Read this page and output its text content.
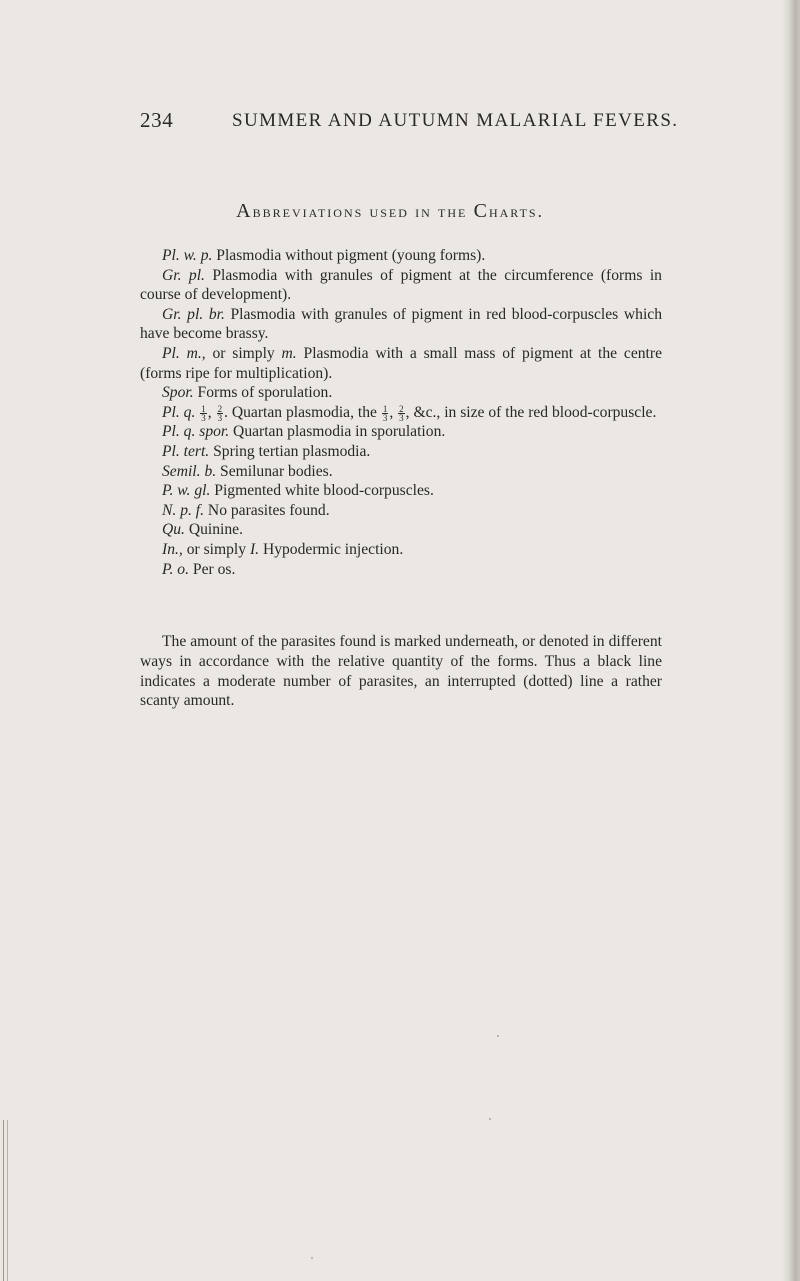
234	SUMMER AND AUTUMN MALARIAL FEVERS.
Abbreviations used in the Charts.

Pl. w. p. Plasmodia without pigment (young forms).

Gr. pl. Plasmodia with granules of pigment at the circumference (forms in course of development).

Gr. pl. br. Plasmodia with granules of pigment in red blood-corpuscles which have become brassy.

Pl. m., or simply m. Plasmodia with a small mass of pigment at the centre (forms ripe for multiplication).

Spor. Forms of sporulation.

Pl. q. $\frac{1}{3}$ , $\frac{2}{3}$ . Quartan plasmodia, the $\frac{1}{3}$ , $\frac{2}{3}$ , &c., in size of the red blood-corpuscle.

Pl. q. spor. Quartan plasmodia in sporulation.

Pl. tert. Spring tertian plasmodia.

Semil. b. Semilunar bodies.

P. w. gl. Pigmented white blood-corpuscles.

N. p. f. No parasites found.

Qu. Quinine.

In., or simply I. Hypodermic injection.

P. o. Per os.

The amount of the parasites found is marked underneath, or denoted in different ways in accordance with the relative quantity of the forms. Thus a black line indicates a moderate number of parasites, an interrupted (dotted) line a rather scanty amount.
